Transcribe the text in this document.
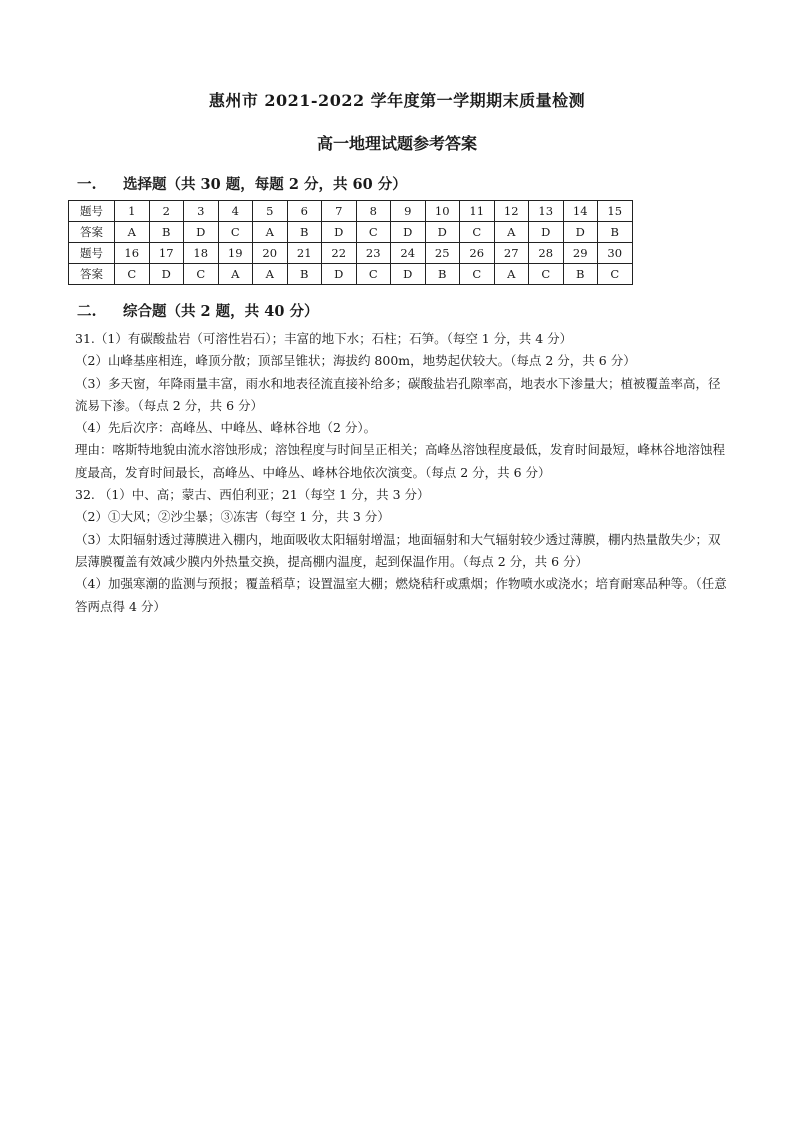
惠州市 2021-2022 学年度第一学期期末质量检测
高一地理试题参考答案
一. 选择题（共 30 题，每题 2 分，共 60 分）
题号	1	2	3	4	5	6	7	8	9	10	11	12	13	14	15
答案	A	B	D	C	A	B	D	C	D	D	C	A	D	D	B
题号	16	17	18	19	20	21	22	23	24	25	26	27	28	29	30
答案	C	D	C	A	A	B	D	C	D	B	C	A	C	B	C
二. 综合题（共 2 题，共 40 分）

31.（1）有碳酸盐岩（可溶性岩石）；丰富的地下水；石柱；石笋。（每空 1 分，共 4 分）

（2）山峰基座相连，峰顶分散；顶部呈锥状；海拔约 800m，地势起伏较大。（每点 2 分，共 6 分）

（3）多天窗，年降雨量丰富，雨水和地表径流直接补给多；碳酸盐岩孔隙率高，地表水下渗量大；植被覆盖率高，径流易下渗。（每点 2 分，共 6 分）

（4）先后次序：高峰丛、中峰丛、峰林谷地（2 分）。

理由：喀斯特地貌由流水溶蚀形成；溶蚀程度与时间呈正相关；高峰丛溶蚀程度最低，发育时间最短，峰林谷地溶蚀程度最高，发育时间最长，高峰丛、中峰丛、峰林谷地依次演变。（每点 2 分，共 6 分）

32. （1）中、高；蒙古、西伯利亚；21（每空 1 分，共 3 分）

（2）①大风；②沙尘暴；③冻害（每空 1 分，共 3 分）

（3）太阳辐射透过薄膜进入棚内，地面吸收太阳辐射增温；地面辐射和大气辐射较少透过薄膜，棚内热量散失少；双层薄膜覆盖有效减少膜内外热量交换，提高棚内温度，起到保温作用。（每点 2 分，共 6 分）

（4）加强寒潮的监测与预报；覆盖稻草；设置温室大棚；燃烧秸秆或熏烟；作物喷水或浇水；培育耐寒品种等。（任意答两点得 4 分）
